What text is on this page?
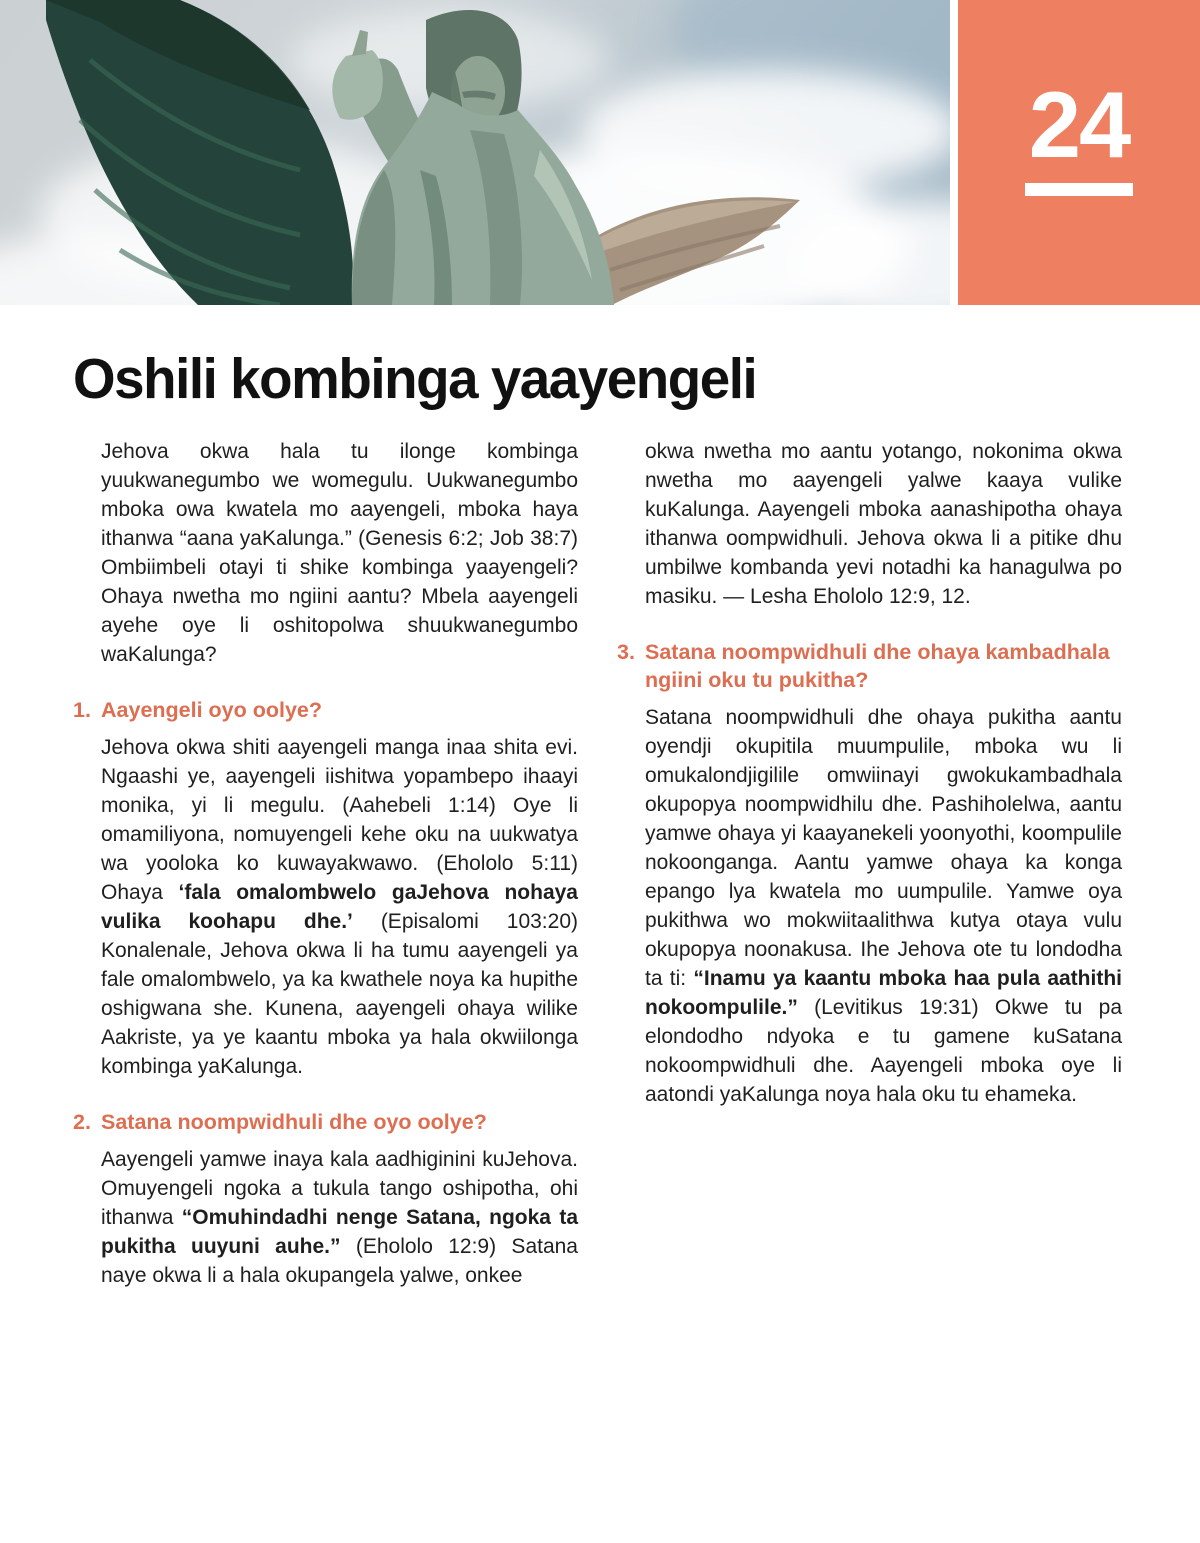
24
Oshili kombinga yaayengeli

Jehova okwa hala tu ilonge kombinga yuukwanegumbo we womegulu. Uukwanegumbo mboka owa kwatela mo aayengeli, mboka haya ithanwa “aana yaKalunga.” (Genesis 6:2; Job 38:7) Ombiimbeli otayi ti shike kombinga yaayengeli? Ohaya nwetha mo ngiini aantu? Mbela aayengeli ayehe oye li oshitopolwa shuukwanegumbo waKalunga?

1. Aayengeli oyo oolye?

Jehova okwa shiti aayengeli manga inaa shita evi. Ngaashi ye, aayengeli iishitwa yopambepo ihaayi monika, yi li megulu. (Aahebeli 1:14) Oye li omamiliyona, nomuyengeli kehe oku na uukwatya wa yooloka ko kuwayakwawo. (Ehololo 5:11) Ohaya ‘fala omalombwelo gaJehova nohaya vulika koohapu dhe.’ (Episalomi 103:20) Konalenale, Jehova okwa li ha tumu aayengeli ya fale omalombwelo, ya ka kwathele noya ka hupithe oshigwana she. Kunena, aayengeli ohaya wilike Aakriste, ya ye kaantu mboka ya hala okwiilonga kombinga yaKalunga.

2. Satana noompwidhuli dhe oyo oolye?

Aayengeli yamwe inaya kala aadhiginini kuJehova. Omuyengeli ngoka a tukula tango oshipotha, ohi ithanwa “Omuhindadhi nenge Satana, ngoka ta pukitha uuyuni auhe.” (Ehololo 12:9) Satana naye okwa li a hala okupangela yalwe, onkee

okwa nwetha mo aantu yotango, nokonima okwa nwetha mo aayengeli yalwe kaaya vulike kuKalunga. Aayengeli mboka aanashipotha ohaya ithanwa oompwidhuli. Jehova okwa li a pitike dhu umbilwe kombanda yevi notadhi ka hanagulwa po masiku. — Lesha Ehololo 12:9, 12.

3. Satana noompwidhuli dhe ohaya kambadhala ngiini oku tu pukitha?

Satana noompwidhuli dhe ohaya pukitha aantu oyendji okupitila muumpulile, mboka wu li omukalondjigilile omwiinayi gwokukambadhala okupopya noompwidhilu dhe. Pashiholelwa, aantu yamwe ohaya yi kaayanekeli yoonyothi, koompulile nokoonganga. Aantu yamwe ohaya ka konga epango lya kwatela mo uumpulile. Yamwe oya pukithwa wo mokwiitaalithwa kutya otaya vulu okupopya noonakusa. Ihe Jehova ote tu londodha ta ti: “Inamu ya kaantu mboka haa pula aathithi nokoompulile.” (Levitikus 19:31) Okwe tu pa elondodho ndyoka e tu gamene kuSatana nokoompwidhuli dhe. Aayengeli mboka oye li aatondi yaKalunga noya hala oku tu ehameka.
